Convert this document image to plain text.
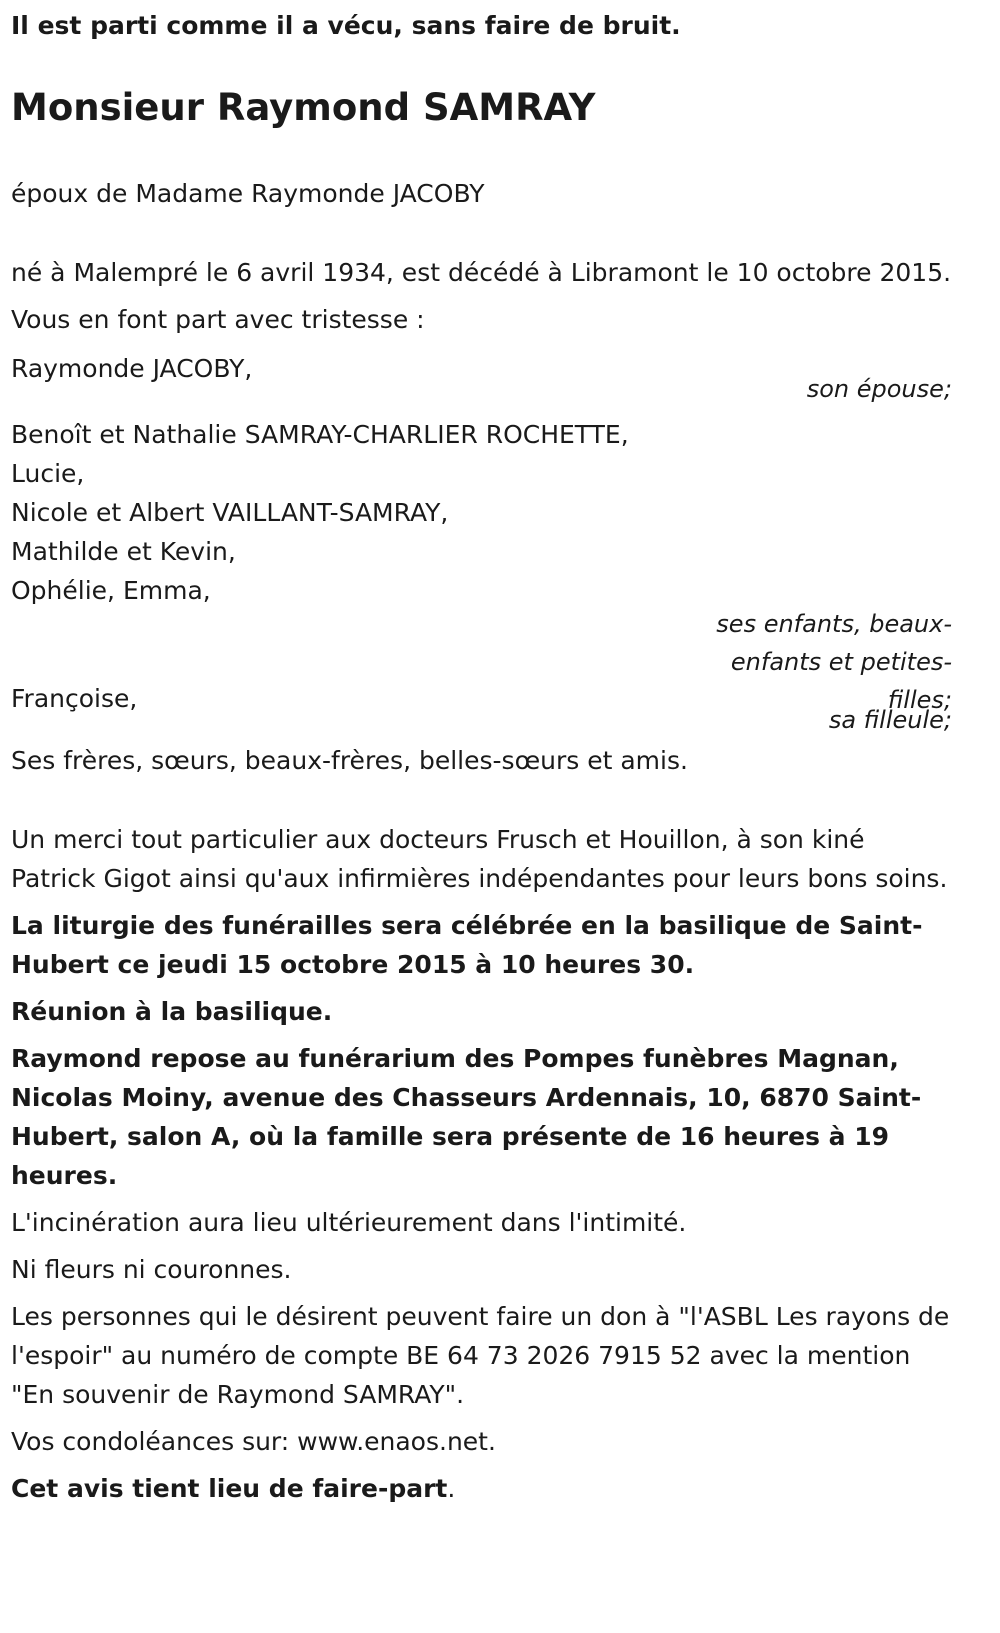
Il est parti comme il a vécu, sans faire de bruit.

Monsieur Raymond SAMRAY

époux de Madame Raymonde JACOBY

né à Malempré le 6 avril 1934, est décédé à Libramont le 10 octobre 2015.

Vous en font part avec tristesse :

Raymonde JACOBY,

son épouse;

Benoît et Nathalie SAMRAY-CHARLIER ROCHETTE,

Lucie,

Nicole et Albert VAILLANT-SAMRAY,

Mathilde et Kevin,

Ophélie, Emma,

ses enfants, beaux-enfants et petites-filles;

Françoise,

sa filleule;

Ses frères, sœurs, beaux-frères, belles-sœurs et amis.

Un merci tout particulier aux docteurs Frusch et Houillon, à son kiné Patrick Gigot ainsi qu'aux infirmières indépendantes pour leurs bons soins.

La liturgie des funérailles sera célébrée en la basilique de Saint-Hubert ce jeudi 15 octobre 2015 à 10 heures 30.

Réunion à la basilique.

Raymond repose au funérarium des Pompes funèbres Magnan, Nicolas Moiny, avenue des Chasseurs Ardennais, 10, 6870 Saint-Hubert, salon A, où la famille sera présente de 16 heures à 19 heures.

L'incinération aura lieu ultérieurement dans l'intimité.

Ni fleurs ni couronnes.

Les personnes qui le désirent peuvent faire un don à "l'ASBL Les rayons de l'espoir" au numéro de compte BE 64 73 2026 7915 52 avec la mention "En souvenir de Raymond SAMRAY".

Vos condoléances sur: www.enaos.net.

Cet avis tient lieu de faire-part.
